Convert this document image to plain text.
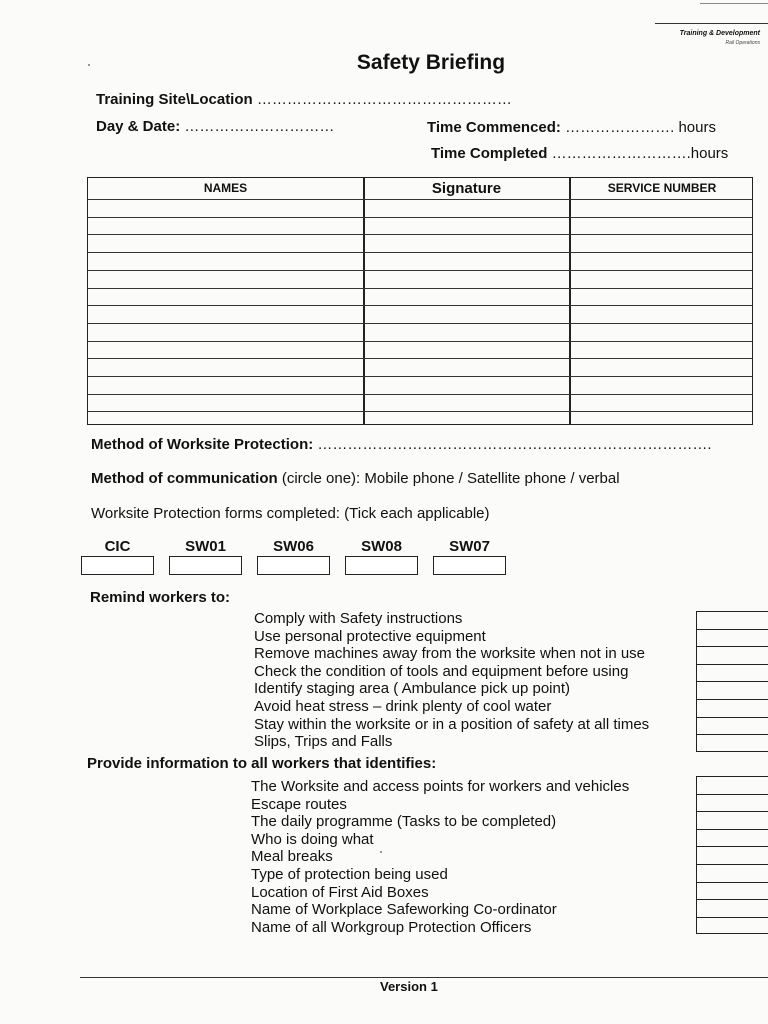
Training & Development
Rail Operations
Safety Briefing
Training Site\Location ……………………………………………
Day & Date: …………………………	Time Commenced: …………………. hours
Time Completed ……………………….hours
NAMES	Signature	SERVICE NUMBER
Method of Worksite Protection: …………………………………………………………………….
Method of communication (circle one): Mobile phone / Satellite phone / verbal
Worksite Protection forms completed: (Tick each applicable)
CIC	SW01	SW06	SW08	SW07
Remind workers to:
Comply with Safety instructions
Use personal protective equipment
Remove machines away from the worksite when not in use
Check the condition of tools and equipment before using
Identify staging area ( Ambulance pick up point)
Avoid heat stress – drink plenty of cool water
Stay within the worksite or in a position of safety at all times
Slips, Trips and Falls
Provide information to all workers that identifies:
The Worksite and access points for workers and vehicles
Escape routes
The daily programme (Tasks to be completed)
Who is doing what
Meal breaks
Type of protection being used
Location of First Aid Boxes
Name of Workplace Safeworking Co-ordinator
Name of all Workgroup Protection Officers
Version 1
